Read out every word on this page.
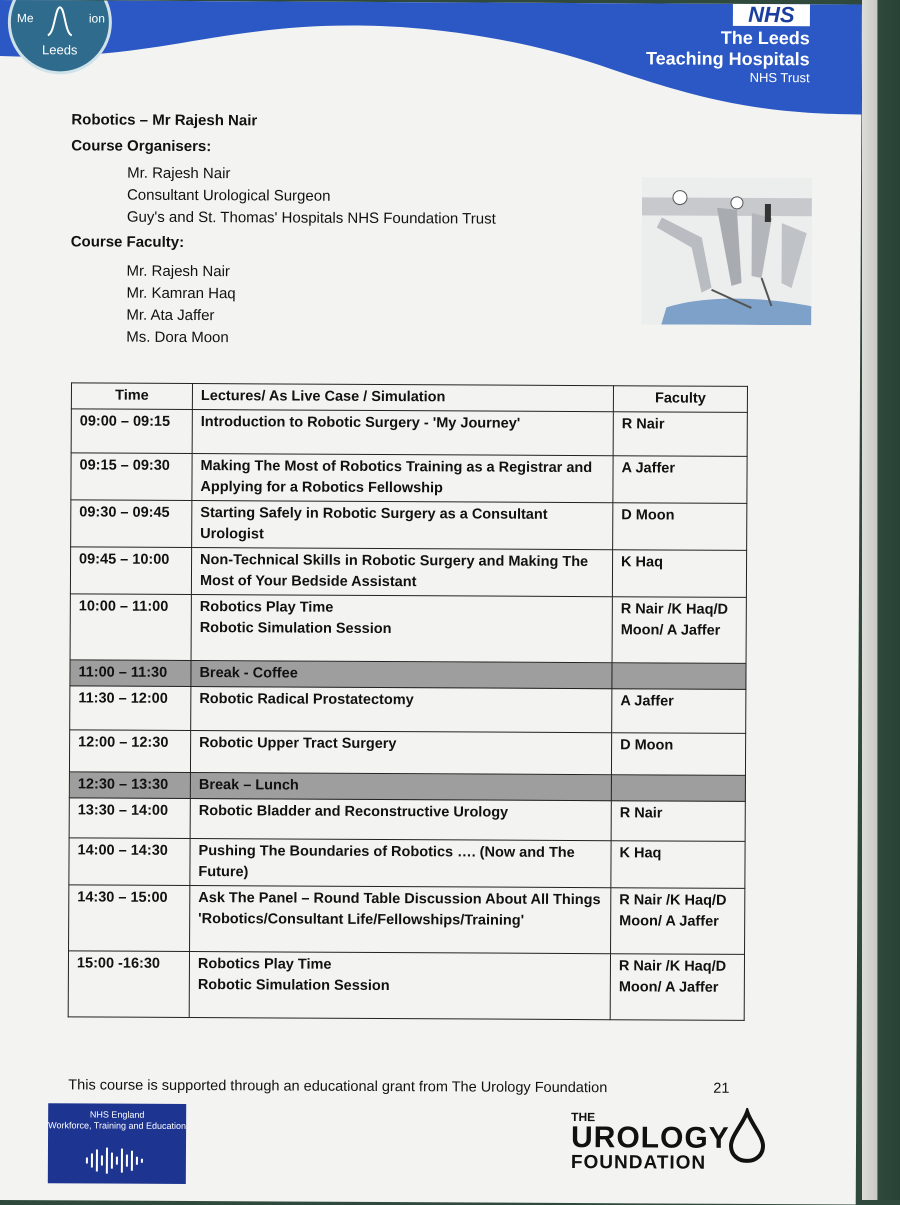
Me	ion
Leeds
NHS
The Leeds
Teaching Hospitals
NHS Trust
Robotics – Mr Rajesh Nair
Course Organisers:
Mr. Rajesh Nair
Consultant Urological Surgeon
Guy's and St. Thomas' Hospitals NHS Foundation Trust
Course Faculty:
Mr. Rajesh Nair
Mr. Kamran Haq
Mr. Ata Jaffer
Ms. Dora Moon
Time	Lectures/ As Live Case / Simulation	Faculty
09:00 – 09:15	Introduction to Robotic Surgery - 'My Journey'	R Nair
09:15 – 09:30	Making The Most of Robotics Training as a Registrar and Applying for a Robotics Fellowship	A Jaffer
09:30 – 09:45	Starting Safely in Robotic Surgery as a Consultant Urologist	D Moon
09:45 – 10:00	Non-Technical Skills in Robotic Surgery and Making The Most of Your Bedside Assistant	K Haq
10:00 – 11:00	Robotics Play Time
Robotic Simulation Session	R Nair /K Haq/D Moon/ A Jaffer
11:00 – 11:30	Break - Coffee	
11:30 – 12:00	Robotic Radical Prostatectomy	A Jaffer
12:00 – 12:30	Robotic Upper Tract Surgery	D Moon
12:30 – 13:30	Break – Lunch	
13:30 – 14:00	Robotic Bladder and Reconstructive Urology	R Nair
14:00 – 14:30	Pushing The Boundaries of Robotics …. (Now and The Future)	K Haq
14:30 – 15:00	Ask The Panel – Round Table Discussion About All Things 'Robotics/Consultant Life/Fellowships/Training'	R Nair /K Haq/D Moon/ A Jaffer
15:00 -16:30	Robotics Play Time
Robotic Simulation Session	R Nair /K Haq/D Moon/ A Jaffer
This course is supported through an educational grant from The Urology Foundation	21
NHS England
Workforce, Training and Education
THE
UROLOGY
FOUNDATION
